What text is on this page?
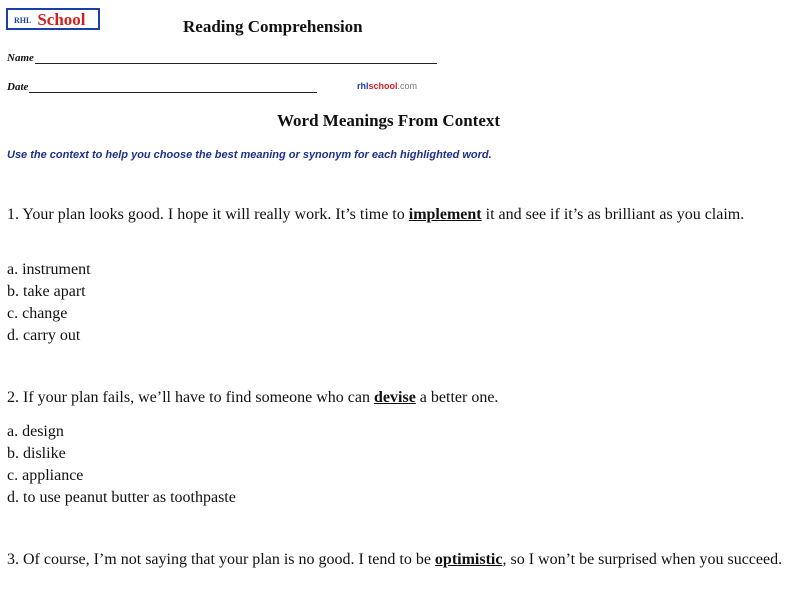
RHL School	Reading Comprehension
Name
Date	rhlschool.com
Word Meanings From Context
Use the context to help you choose the best meaning or synonym for each highlighted word.
1. Your plan looks good. I hope it will really work. It’s time to implement it and see if it’s as brilliant as you claim.
a. instrument
b. take apart
c. change
d. carry out
2. If your plan fails, we’ll have to find someone who can devise a better one.
a. design
b. dislike
c. appliance
d. to use peanut butter as toothpaste
3. Of course, I’m not saying that your plan is no good. I tend to be optimistic, so I won’t be surprised when you succeed.
